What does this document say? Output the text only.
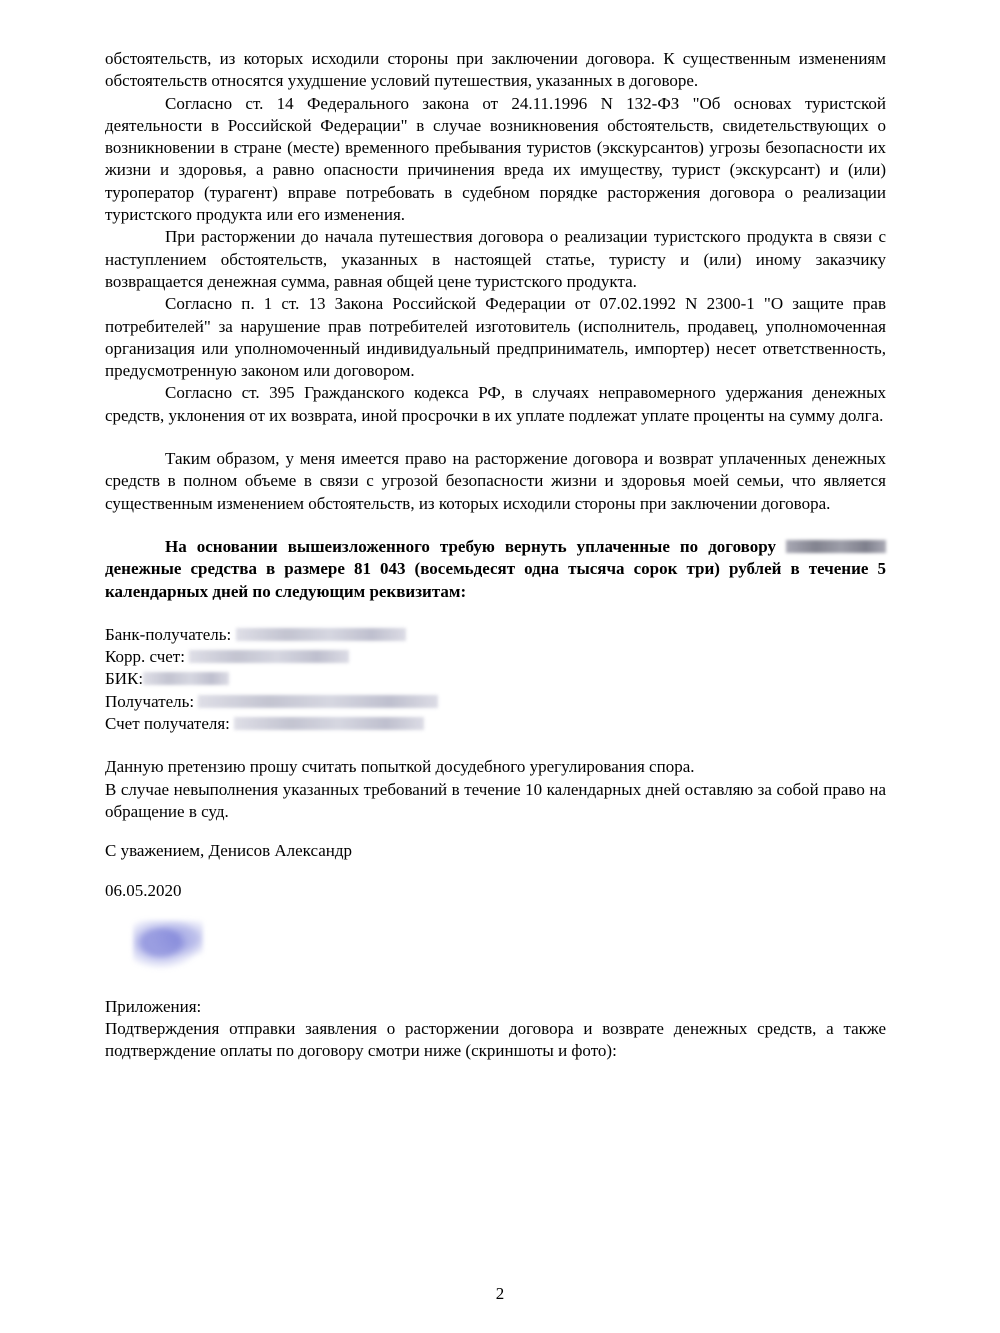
обстоятельств, из которых исходили стороны при заключении договора. К существенным изменениям обстоятельств относятся ухудшение условий путешествия, указанных в договоре.

Согласно ст. 14 Федерального закона от 24.11.1996 N 132-ФЗ "Об основах туристской деятельности в Российской Федерации" в случае возникновения обстоятельств, свидетельствующих о возникновении в стране (месте) временного пребывания туристов (экскурсантов) угрозы безопасности их жизни и здоровья, а равно опасности причинения вреда их имуществу, турист (экскурсант) и (или) туроператор (турагент) вправе потребовать в судебном порядке расторжения договора о реализации туристского продукта или его изменения.

При расторжении до начала путешествия договора о реализации туристского продукта в связи с наступлением обстоятельств, указанных в настоящей статье, туристу и (или) иному заказчику возвращается денежная сумма, равная общей цене туристского продукта.

Согласно п. 1 ст. 13 Закона Российской Федерации от 07.02.1992 N 2300-1 "О защите прав потребителей" за нарушение прав потребителей изготовитель (исполнитель, продавец, уполномоченная организация или уполномоченный индивидуальный предприниматель, импортер) несет ответственность, предусмотренную законом или договором.

Согласно ст. 395 Гражданского кодекса РФ, в случаях неправомерного удержания денежных средств, уклонения от их возврата, иной просрочки в их уплате подлежат уплате проценты на сумму долга.

Таким образом, у меня имеется право на расторжение договора и возврат уплаченных денежных средств в полном объеме в связи с угрозой безопасности жизни и здоровья моей семьи, что является существенным изменением обстоятельств, из которых исходили стороны при заключении договора.

На основании вышеизложенного требую вернуть уплаченные по договору  денежные средства в размере 81 043 (восемьдесят одна тысяча сорок три) рублей в течение 5 календарных дней по следующим реквизитам:

Банк-получатель:
Корр. счет:
БИК:
Получатель:
Счет получателя:

Данную претензию прошу считать попыткой досудебного урегулирования спора.

В случае невыполнения указанных требований в течение 10 календарных дней оставляю за собой право на обращение в суд.

С уважением, Денисов Александр

06.05.2020

Приложения:

Подтверждения отправки заявления о расторжении договора и возврате денежных средств, а также подтверждение оплаты по договору смотри ниже (скриншоты и фото):

2
